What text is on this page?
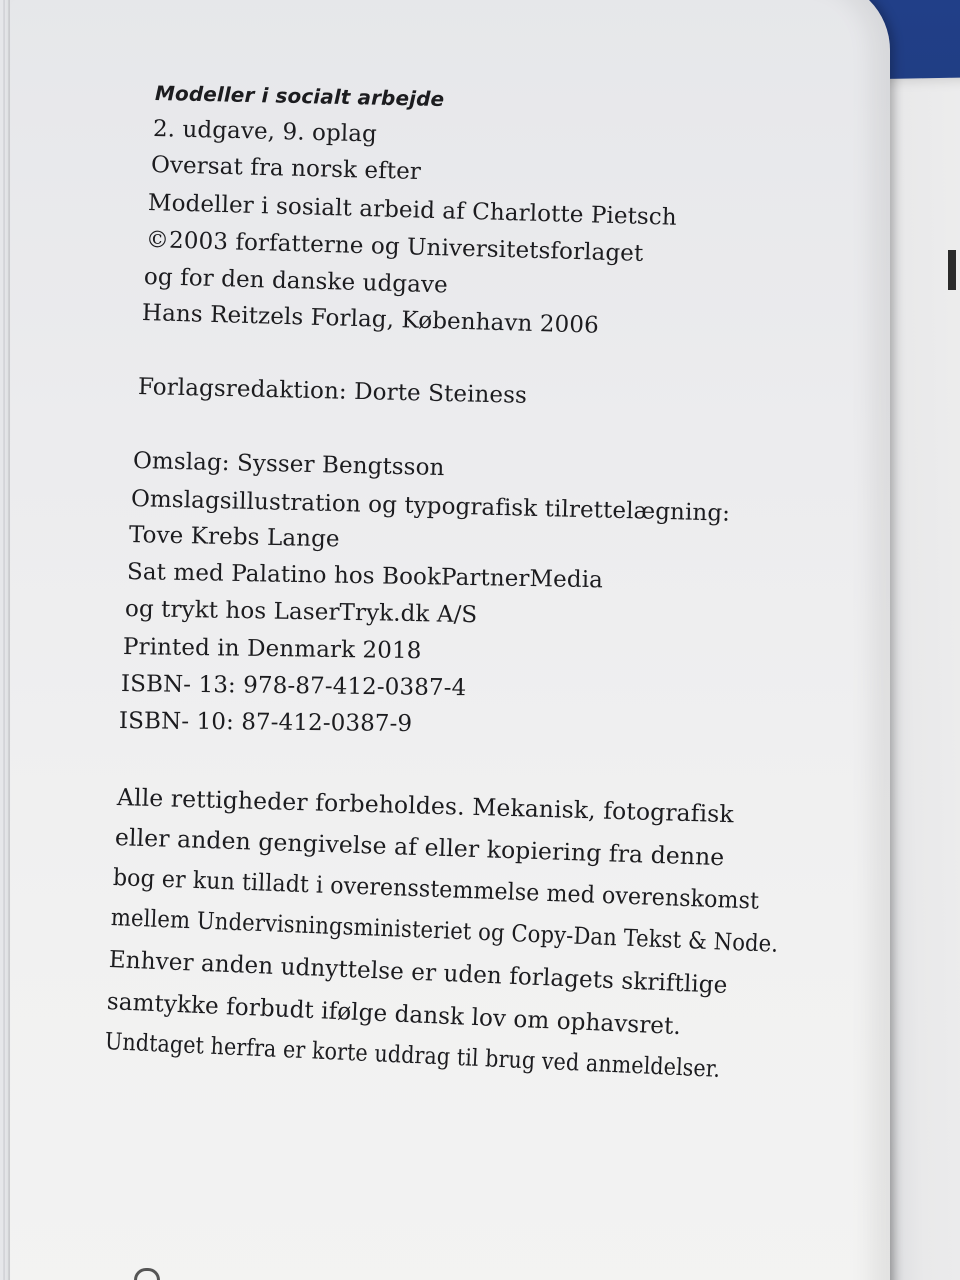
Modeller i socialt arbejde
2. udgave, 9. oplag
Oversat fra norsk efter
Modeller i sosialt arbeid af Charlotte Pietsch
©2003 forfatterne og Universitetsforlaget
og for den danske udgave
Hans Reitzels Forlag, København 2006
Forlagsredaktion: Dorte Steiness
Omslag: Sysser Bengtsson
Omslagsillustration og typografisk tilrettelægning:
Tove Krebs Lange
Sat med Palatino hos BookPartnerMedia
og trykt hos LaserTryk.dk A/S
Printed in Denmark 2018
ISBN- 13: 978-87-412-0387-4
ISBN- 10: 87-412-0387-9
Alle rettigheder forbeholdes. Mekanisk, fotografisk
eller anden gengivelse af eller kopiering fra denne
bog er kun tilladt i overensstemmelse med overenskomst
mellem Undervisningsministeriet og Copy-Dan Tekst & Node.
Enhver anden udnyttelse er uden forlagets skriftlige
samtykke forbudt ifølge dansk lov om ophavsret.
Undtaget herfra er korte uddrag til brug ved anmeldelser.
